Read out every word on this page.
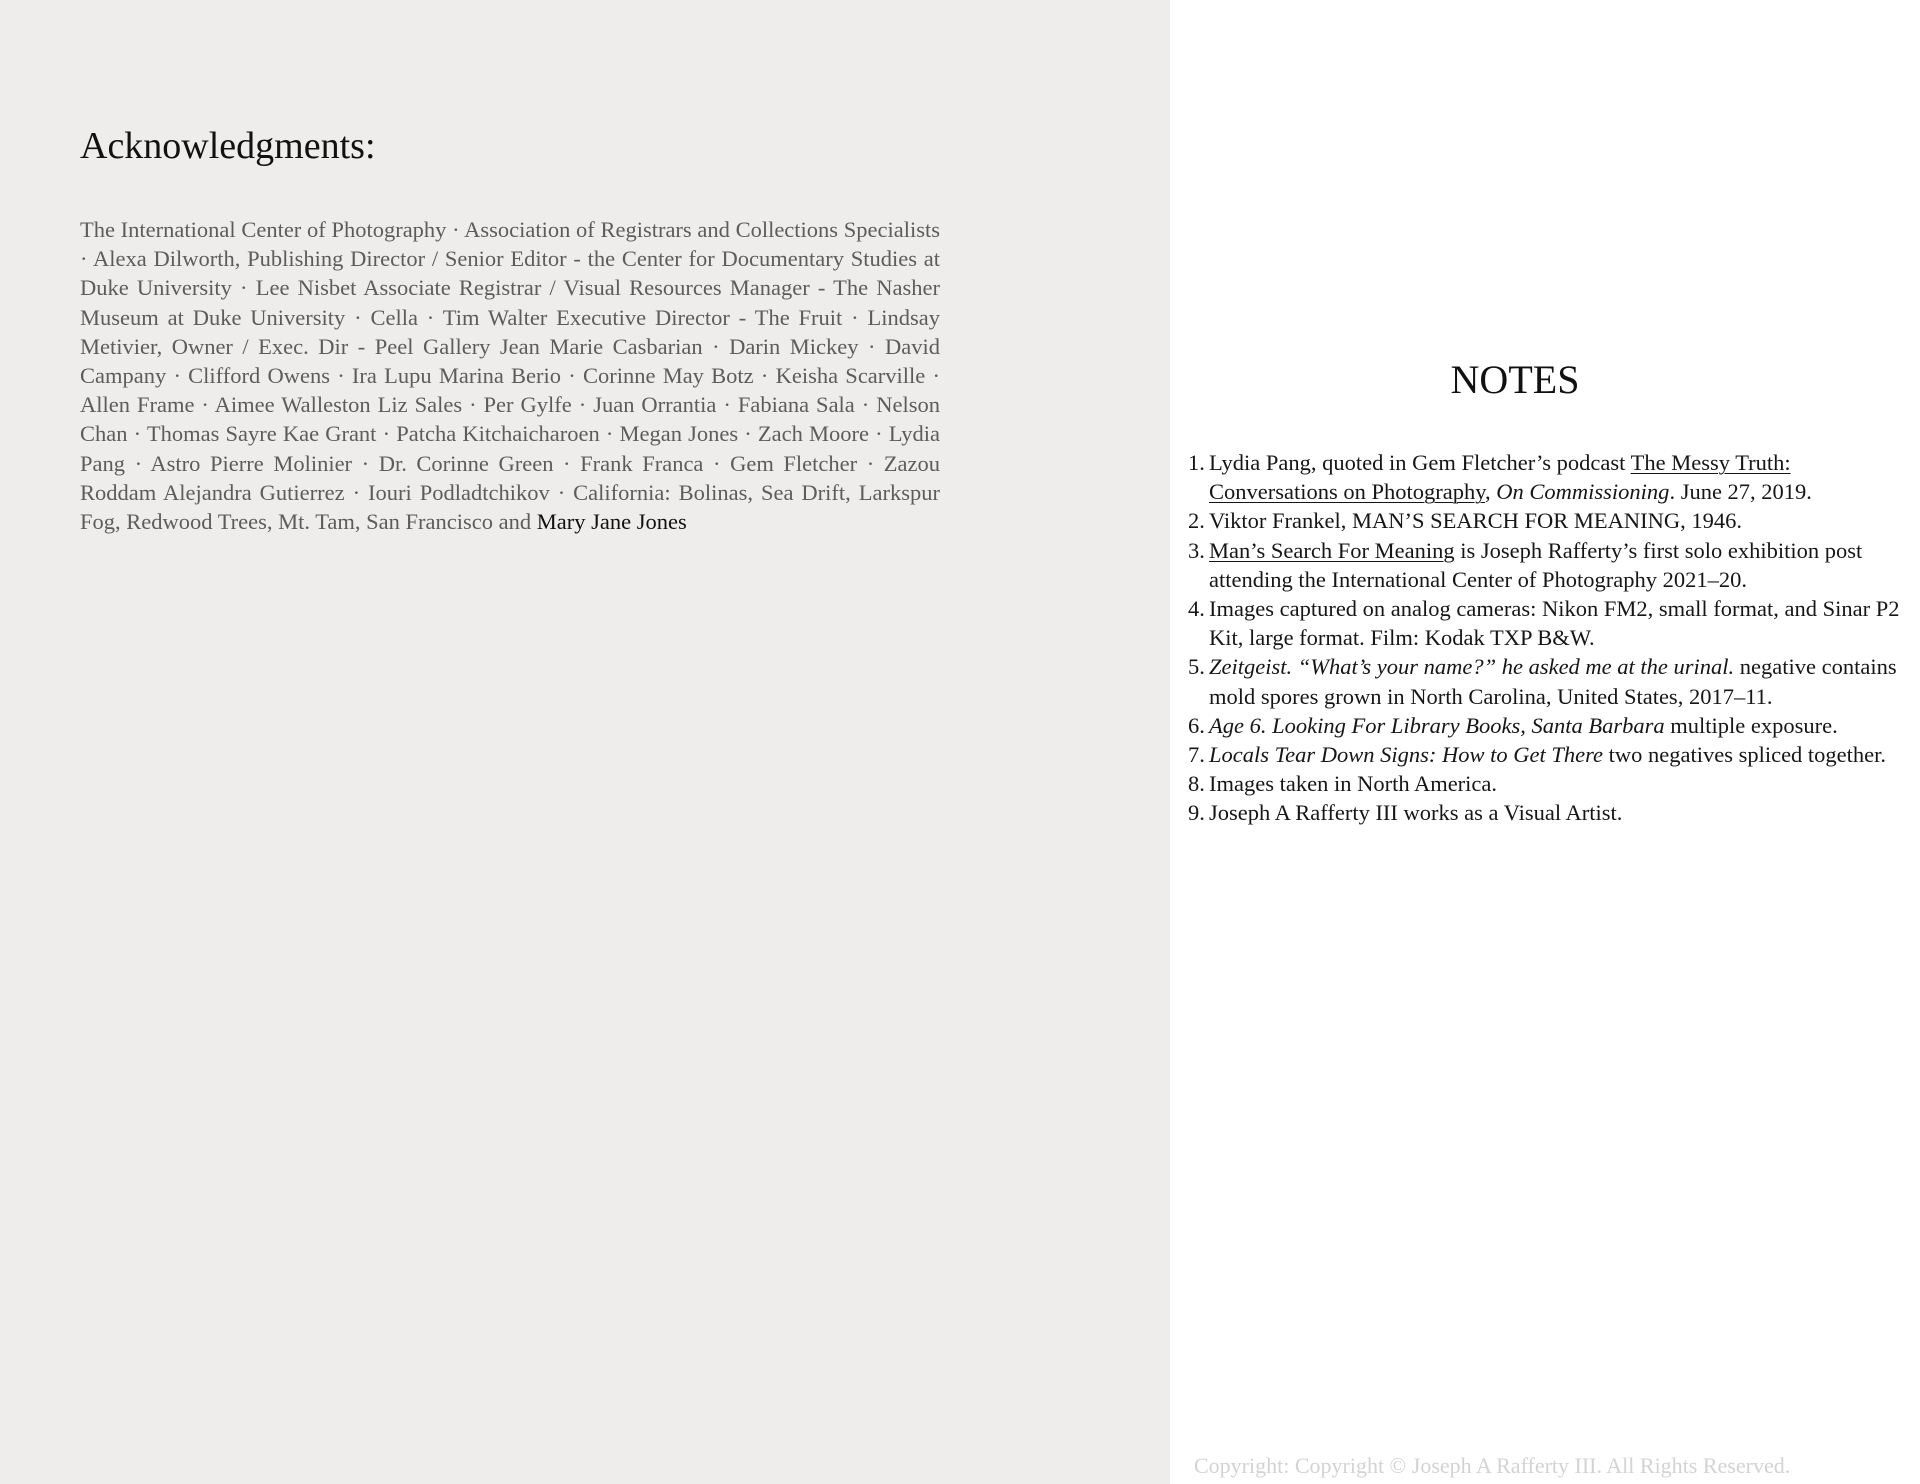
Acknowledgments:

The International Center of Photography · Association of Registrars and Collections Specialists · Alexa Dilworth, Publishing Director / Senior Editor - the Center for Documentary Studies at Duke University · Lee Nisbet Associate Registrar / Visual Resources Manager - The Nasher Museum at Duke University · Cella · Tim Walter Executive Director - The Fruit · Lindsay Metivier, Owner / Exec. Dir - Peel Gallery Jean Marie Casbarian · Darin Mickey · David Campany · Clifford Owens · Ira Lupu Marina Berio · Corinne May Botz · Keisha Scarville · Allen Frame · Aimee Walleston Liz Sales · Per Gylfe · Juan Orrantia · Fabiana Sala · Nelson Chan · Thomas Sayre Kae Grant · Patcha Kitchaicharoen · Megan Jones · Zach Moore · Lydia Pang · Astro Pierre Molinier · Dr. Corinne Green · Frank Franca · Gem Fletcher · Zazou Roddam Alejandra Gutierrez · Iouri Podladtchikov · California: Bolinas, Sea Drift, Larkspur Fog, Redwood Trees, Mt. Tam, San Francisco and Mary Jane Jones

NOTES
1. Lydia Pang, quoted in Gem Fletcher’s podcast The Messy Truth: Conversations on Photography, On Commissioning. June 27, 2019.
2. Viktor Frankel, MAN’S SEARCH FOR MEANING, 1946.
3. Man’s Search For Meaning is Joseph Rafferty’s first solo exhibition post attending the International Center of Photography 2021–20.
4. Images captured on analog cameras: Nikon FM2, small format, and Sinar P2 Kit, large format. Film: Kodak TXP B&W.
5. Zeitgeist. “What’s your name?” he asked me at the urinal. negative contains mold spores grown in North Carolina, United States, 2017–11.
6. Age 6. Looking For Library Books, Santa Barbara multiple exposure.
7. Locals Tear Down Signs: How to Get There two negatives spliced together.
8. Images taken in North America.
9. Joseph A Rafferty III works as a Visual Artist.

Copyright: Copyright © Joseph A Rafferty III. All Rights Reserved.
